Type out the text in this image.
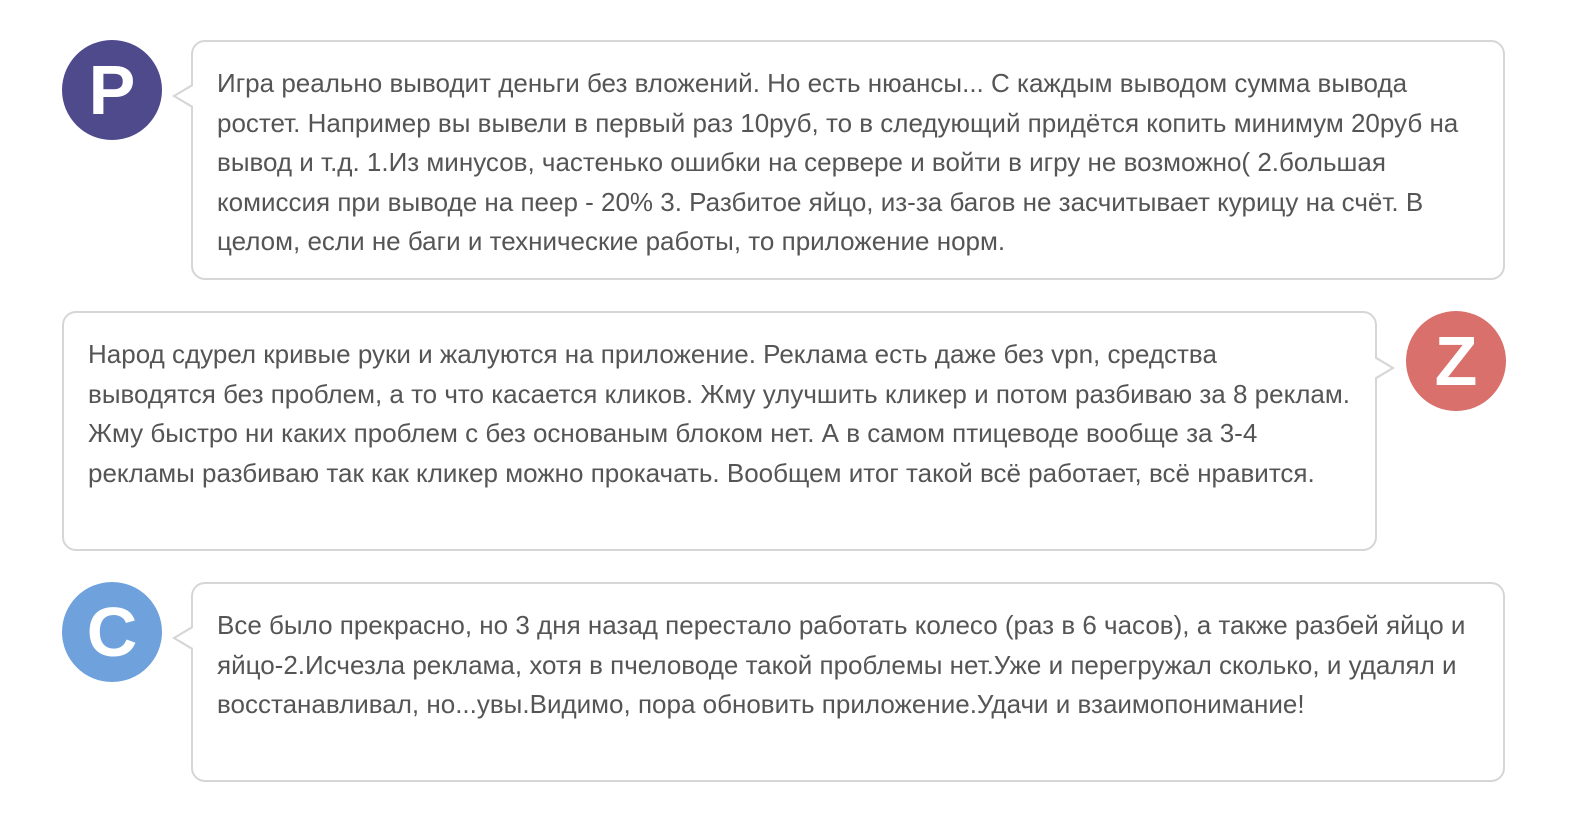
P	Игра реально выводит деньги без вложений. Но есть нюансы... С каждым выводом сумма вывода ростет. Например вы вывели в первый раз 10руб, то в следующий придётся копить минимум 20руб на вывод и т.д. 1.Из минусов, частенько ошибки на сервере и войти в игру не возможно( 2.большая комиссия при выводе на пеер - 20% 3. Разбитое яйцо, из-за багов не засчитывает курицу на счёт. В целом, если не баги и технические работы, то приложение норм.
Народ сдурел кривые руки и жалуются на приложение. Реклама есть даже без vpn, средства выводятся без проблем, а то что касается кликов. Жму улучшить кликер и потом разбиваю за 8 реклам. Жму быстро ни каких проблем с без основаным блоком нет. А в самом птицеводе вообще за 3-4 рекламы разбиваю так как кликер можно прокачать. Вообщем итог такой всё работает, всё нравится.
Z
C	Все было прекрасно, но 3 дня назад перестало работать колесо (раз в 6 часов), а также разбей яйцо и яйцо-2.Исчезла реклама, хотя в пчеловоде такой проблемы нет.Уже и перегружал сколько, и удалял и восстанавливал, но...увы.Видимо, пора обновить приложение.Удачи и взаимопонимание!
